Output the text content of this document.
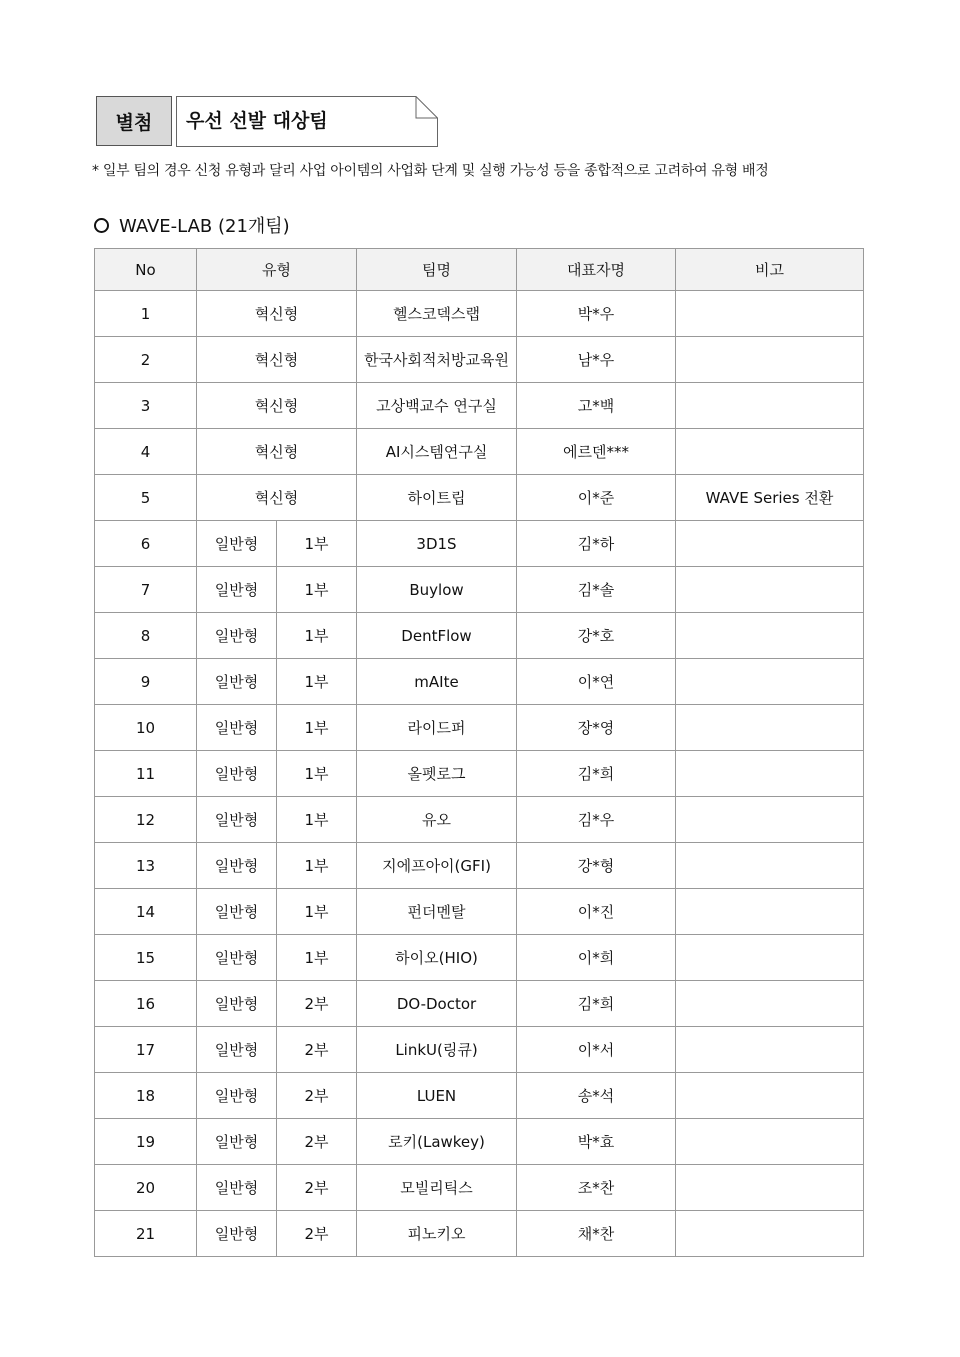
별첨	우선 선발 대상팀
* 일부 팀의 경우 신청 유형과 달리 사업 아이템의 사업화 단계 및 실행 가능성 등을 종합적으로 고려하여 유형 배정
WAVE-LAB (21개팀)
No	유형		팀명	대표자명	비고
1	혁신형		헬스코덱스랩	박*우	
2	혁신형		한국사회적처방교육원	남*우	
3	혁신형		고상백교수 연구실	고*백	
4	혁신형		AI시스템연구실	에르덴***	
5	혁신형		하이트립	이*준	WAVE Series 전환
6	일반형	1부	3D1S	김*하	
7	일반형	1부	Buylow	김*솔	
8	일반형	1부	DentFlow	강*호	
9	일반형	1부	mAIte	이*연	
10	일반형	1부	라이드퍼	장*영	
11	일반형	1부	올펫로그	김*희	
12	일반형	1부	유오	김*우	
13	일반형	1부	지에프아이(GFI)	강*형	
14	일반형	1부	펀더멘탈	이*진	
15	일반형	1부	하이오(HIO)	이*희	
16	일반형	2부	DO-Doctor	김*희	
17	일반형	2부	LinkU(링큐)	이*서	
18	일반형	2부	LUEN	송*석	
19	일반형	2부	로키(Lawkey)	박*효	
20	일반형	2부	모빌리틱스	조*찬	
21	일반형	2부	피노키오	채*찬	
